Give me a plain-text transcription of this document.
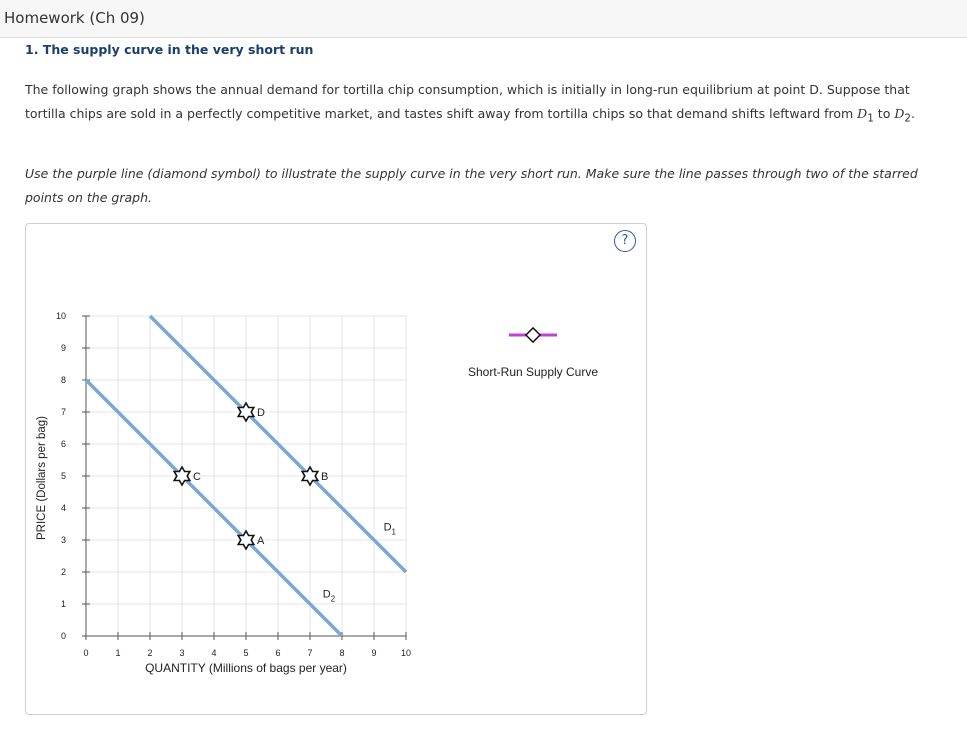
Homework (Ch 09)
1. The supply curve in the very short run
The following graph shows the annual demand for tortilla chip consumption, which is initially in long-run equilibrium at point D. Suppose that tortilla chips are sold in a perfectly competitive market, and tastes shift away from tortilla chips so that demand shifts leftward from $D_1$ to $D_2$.
Use the purple line (diamond symbol) to illustrate the supply curve in the very short run. Make sure the line passes through two of the starred points on the graph.
?
0	1	2	3	4	5	6	7	8	9	10
0
1
2
3
4
5
6
7
8
9
10
$D_1$
$D_2$
D
C	B
A
QUANTITY (Millions of bags per year)
PRICE (Dollars per bag)
Short-Run Supply Curve
